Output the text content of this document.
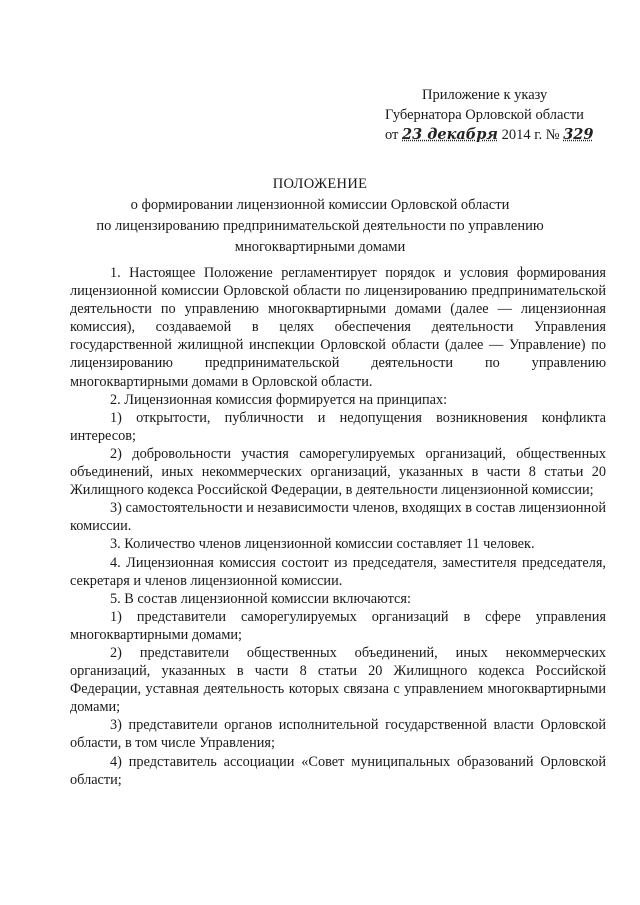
Приложение к указу
Губернатора Орловской области
от 23 декабря 2014 г. № 329
ПОЛОЖЕНИЕ
о формировании лицензионной комиссии Орловской области
по лицензированию предпринимательской деятельности по управлению
многоквартирными домами

1. Настоящее Положение регламентирует порядок и условия формирования лицензионной комиссии Орловской области по лицензированию предпринимательской деятельности по управлению многоквартирными домами (далее — лицензионная комиссия), создаваемой в целях обеспечения деятельности Управления государственной жилищной инспекции Орловской области (далее — Управление) по лицензированию предпринимательской деятельности по управлению многоквартирными домами в Орловской области.

2. Лицензионная комиссия формируется на принципах:

1) открытости, публичности и недопущения возникновения конфликта интересов;

2) добровольности участия саморегулируемых организаций, общественных объединений, иных некоммерческих организаций, указанных в части 8 статьи 20 Жилищного кодекса Российской Федерации, в деятельности лицензионной комиссии;

3) самостоятельности и независимости членов, входящих в состав лицензионной комиссии.

3. Количество членов лицензионной комиссии составляет 11 человек.

4. Лицензионная комиссия состоит из председателя, заместителя председателя, секретаря и членов лицензионной комиссии.

5. В состав лицензионной комиссии включаются:

1) представители саморегулируемых организаций в сфере управления многоквартирными домами;

2) представители общественных объединений, иных некоммерческих организаций, указанных в части 8 статьи 20 Жилищного кодекса Российской Федерации, уставная деятельность которых связана с управлением многоквартирными домами;

3) представители органов исполнительной государственной власти Орловской области, в том числе Управления;

4) представитель ассоциации «Совет муниципальных образований Орловской области;
